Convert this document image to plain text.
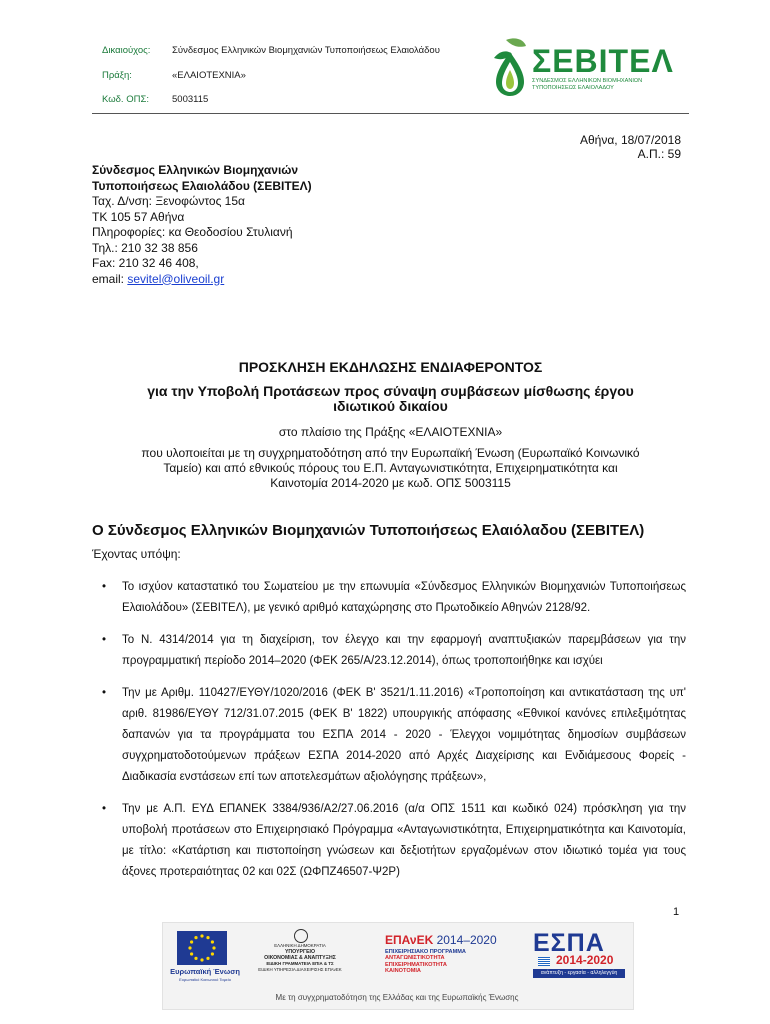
Δικαιούχος: Σύνδεσμος Ελληνικών Βιομηχανιών Τυποποιήσεως Ελαιολάδου
Πράξη:	«ΕΛΑΙΟΤΕΧΝΙΑ»
Κωδ. ΟΠΣ: 5003115
ΣΕΒΙΤΕΛ
ΣΥΝΔΕΣΜΟΣ ΕΛΛΗΝΙΚΩΝ ΒΙΟΜΗΧΑΝΙΩΝ
ΤΥΠΟΠΟΙΗΣΕΩΣ ΕΛΑΙΟΛΑΔΟΥ
Αθήνα, 18/07/2018
Α.Π.: 59
Σύνδεσμος Ελληνικών Βιομηχανιών
Τυποποιήσεως Ελαιολάδου (ΣΕΒΙΤΕΛ)
Ταχ. Δ/νση: Ξενοφώντος 15α
ΤΚ 105 57 Αθήνα
Πληροφορίες: κα Θεοδοσίου Στυλιανή
Τηλ.: 210 32 38 856
Fax: 210 32 46 408,
email: sevitel@oliveoil.gr
ΠΡΟΣΚΛΗΣΗ ΕΚΔΗΛΩΣΗΣ ΕΝΔΙΑΦΕΡΟΝΤΟΣ
για την Υποβολή Προτάσεων προς σύναψη συμβάσεων μίσθωσης έργου
ιδιωτικού δικαίου
στο πλαίσιο της Πράξης «ΕΛΑΙΟΤΕΧΝΙΑ»
που υλοποιείται με τη συγχρηματοδότηση από την Ευρωπαϊκή Ένωση (Ευρωπαϊκό Κοινωνικό
Ταμείο) και από εθνικούς πόρους του Ε.Π. Ανταγωνιστικότητα, Επιχειρηματικότητα και
Καινοτομία 2014-2020 με κωδ. ΟΠΣ 5003115
Ο Σύνδεσμος Ελληνικών Βιομηχανιών Τυποποιήσεως Ελαιόλαδου (ΣΕΒΙΤΕΛ)
Έχοντας υπόψη:
• Το ισχύον καταστατικό του Σωματείου με την επωνυμία «Σύνδεσμος Ελληνικών Βιομηχανιών Τυποποιήσεως Ελαιολάδου» (ΣΕΒΙΤΕΛ), με γενικό αριθμό καταχώρησης στο Πρωτοδικείο Αθηνών 2128/92.
• Το Ν. 4314/2014 για τη διαχείριση, τον έλεγχο και την εφαρμογή αναπτυξιακών παρεμβάσεων για την προγραμματική περίοδο 2014–2020 (ΦΕΚ 265/Α/23.12.2014), όπως τροποποιήθηκε και ισχύει
• Την με Αριθμ. 110427/ΕΥΘΥ/1020/2016 (ΦΕΚ Β' 3521/1.11.2016) «Τροποποίηση και αντικατάσταση της υπ' αριθ. 81986/ΕΥΘΥ 712/31.07.2015 (ΦΕΚ Β' 1822) υπουργικής απόφασης «Εθνικοί κανόνες επιλεξιμότητας δαπανών για τα προγράμματα του ΕΣΠΑ 2014 - 2020 - Έλεγχοι νομιμότητας δημοσίων συμβάσεων συγχρηματοδοτούμενων πράξεων ΕΣΠΑ 2014-2020 από Αρχές Διαχείρισης και Ενδιάμεσους Φορείς - Διαδικασία ενστάσεων επί των αποτελεσμάτων αξιολόγησης πράξεων»,
• Την με Α.Π. ΕΥΔ ΕΠΑΝΕΚ 3384/936/Α2/27.06.2016 (α/α ΟΠΣ 1511 και κωδικό 024) πρόσκληση για την υποβολή προτάσεων στο Επιχειρησιακό Πρόγραμμα «Ανταγωνιστικότητα, Επιχειρηματικότητα και Καινοτομία, με τίτλο: «Κατάρτιση και πιστοποίηση γνώσεων και δεξιοτήτων εργαζομένων στον ιδιωτικό τομέα για τους άξονες προτεραιότητας 02 και 02Σ (ΩΦΠΖ46507-Ψ2Ρ)
1
Ευρωπαϊκή Ένωση
Ευρωπαϊκό Κοινωνικό Ταμείο
ΕΛΛΗΝΙΚΗ ΔΗΜΟΚΡΑΤΙΑ
ΥΠΟΥΡΓΕΙΟ
ΟΙΚΟΝΟΜΙΑΣ & ΑΝΑΠΤΥΞΗΣ
ΕΙΔΙΚΗ ΓΡΑΜΜΑΤΕΙΑ ΕΠΙΑ & ΤΣ
ΕΙΔΙΚΗ ΥΠΗΡΕΣΙΑ ΔΙΑΧΕΙΡΙΣΗΣ ΕΠΑνΕΚ
ΕΠΑνΕΚ 2014–2020
ΕΠΙΧΕΙΡΗΣΙΑΚΟ ΠΡΟΓΡΑΜΜΑ
ΑΝΤΑΓΩΝΙΣΤΙΚΟΤΗΤΑ
ΕΠΙΧΕΙΡΗΜΑΤΙΚΟΤΗΤΑ
ΚΑΙΝΟΤΟΜΙΑ
ΕΣΠΑ
2014-2020
ανάπτυξη - εργασία - αλληλεγγύη
Με τη συγχρηματοδότηση της Ελλάδας και της Ευρωπαϊκής Ένωσης
